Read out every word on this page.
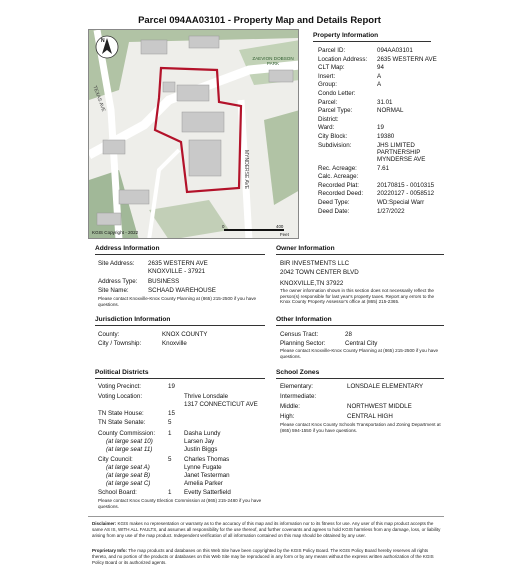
Parcel 094AA03101 - Property Map and Details Report
N
TEXAS AVE
MYNDERSE AVE
ZAEVION DOBSON PARK
KGIS Copyright - 2022
0	400
Feet
Property Information
Parcel ID:	094AA03101
Location Address: 2635 WESTERN AVE
CLT Map:	94
Insert:	A
Group:	A
Condo Letter:
Parcel:	31.01
Parcel Type:	NORMAL
District:
Ward:	19
City Block:	19380
Subdivision:	JHS LIMITED PARTNERSHIP MYNDERSE AVE
Rec. Acreage:	7.61
Calc. Acreage:
Recorded Plat:	20170815 - 0010315
Recorded Deed: 20220127 - 0058512
Deed Type:	WD:Special Warr
Deed Date:	1/27/2022
Address Information
Site Address: 2635 WESTERN AVE
KNOXVILLE - 37921
Address Type: BUSINESS
Site Name:	SCHAAD WAREHOUSE
Please contact Knoxville-Knox County Planning at (865) 215-2500 if you have questions.
Owner Information
BIR INVESTMENTS LLC
2042 TOWN CENTER BLVD
KNOXVILLE,TN 37922
The owner information shown in this section does not necessarily reflect the person(s) responsible for last year's property taxes. Report any errors to the Knox County Property Assessor's office at (865) 215-2365.
Jurisdiction Information
County:	KNOX COUNTY
City / Township:	Knoxville
Other Information
Census Tract:	28
Planning Sector:	Central City
Please contact Knoxville-Knox County Planning at (865) 215-2500 if you have questions.
Political Districts
Voting Precinct:	19
Voting Location:	Thrive Lonsdale
1317 CONNECTICUT AVE
TN State House:	15
TN State Senate:	5
County Commission: 1 Dasha Lundy
(at large seat 10)	Larsen Jay
(at large seat 11)	Justin Biggs
City Council:	5 Charles Thomas
(at large seat A)	Lynne Fugate
(at large seat B)	Janet Testerman
(at large seat C)	Amelia Parker
School Board:	1 Evetty Satterfield
Please contact Knox County Election Commission at (865) 215-2480 if you have questions.
School Zones
Elementary:	LONSDALE ELEMENTARY
Intermediate:
Middle:	NORTHWEST MIDDLE
High:	CENTRAL HIGH
Please contact Knox County Schools Transportation and Zoning Department at (865) 594-1550 if you have questions.
Disclaimer: KGIS makes no representation or warranty as to the accuracy of this map and its information nor to its fitness for use. Any user of this map product accepts the same AS IS, WITH ALL FAULTS, and assumes all responsibility for the use thereof, and further covenants and agrees to hold KGIS harmless from any damage, loss, or liability arising from any use of the map product. Independent verification of all information contained on this map should be obtained by any user.
Proprietary Info: The map products and databases on this Web Site have been copyrighted by the KGIS Policy Board. The KGIS Policy Board hereby reserves all rights thereto, and no portion of the products or databases on this Web Site may be reproduced in any form or by any means without the express written authorization of the KGIS Policy Board or its authorized agents.
